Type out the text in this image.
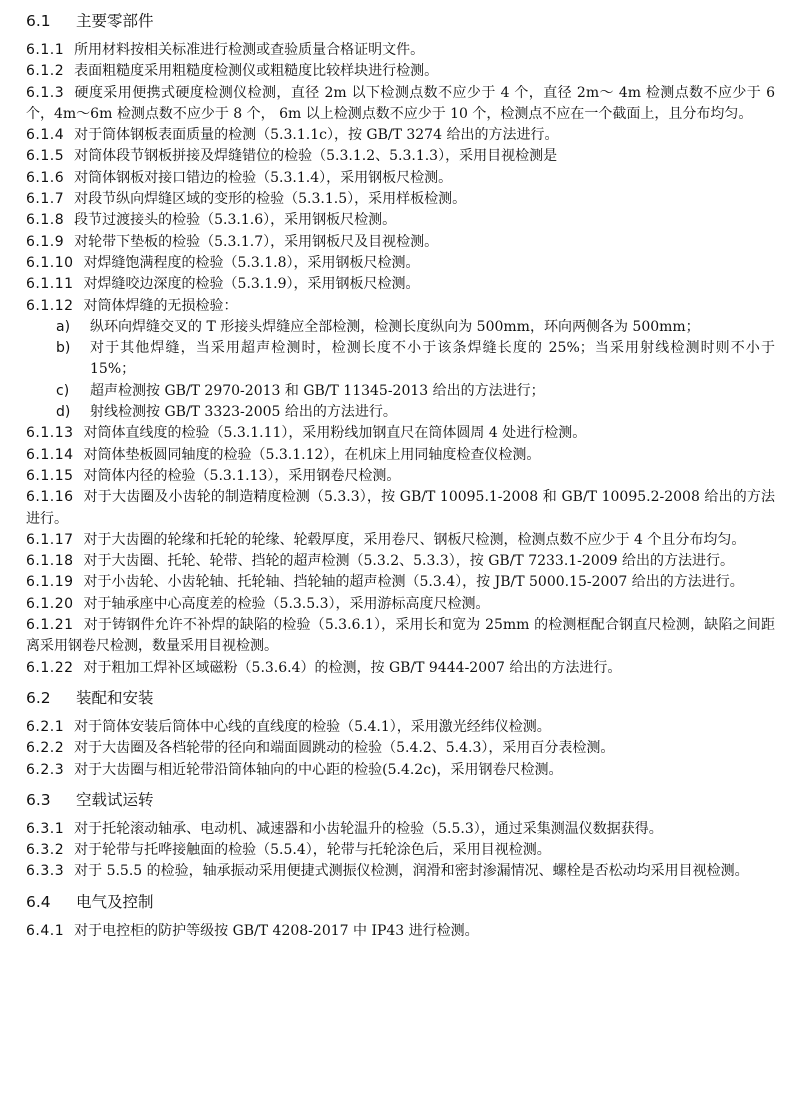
6.1 主要零部件
6.1.1 所用材料按相关标准进行检测或查验质量合格证明文件。
6.1.2 表面粗糙度采用粗糙度检测仪或粗糙度比较样块进行检测。
6.1.3 硬度采用便携式硬度检测仪检测，直径 2m 以下检测点数不应少于 4 个，直径 2m～ 4m 检测点数不应少于 6 个，4m～6m 检测点数不应少于 8 个， 6m 以上检测点数不应少于 10 个，检测点不应在一个截面上，且分布均匀。
6.1.4 对于筒体钢板表面质量的检测（5.3.1.1c），按 GB/T 3274 给出的方法进行。
6.1.5 对筒体段节钢板拼接及焊缝错位的检验（5.3.1.2、5.3.1.3），采用目视检测是
6.1.6 对筒体钢板对接口错边的检验（5.3.1.4），采用钢板尺检测。
6.1.7 对段节纵向焊缝区域的变形的检验（5.3.1.5），采用样板检测。
6.1.8 段节过渡接头的检验（5.3.1.6），采用钢板尺检测。
6.1.9 对轮带下垫板的检验（5.3.1.7），采用钢板尺及目视检测。
6.1.10 对焊缝饱满程度的检验（5.3.1.8），采用钢板尺检测。
6.1.11 对焊缝咬边深度的检验（5.3.1.9），采用钢板尺检测。
6.1.12 对筒体焊缝的无损检验：
a)	纵环向焊缝交叉的 T 形接头焊缝应全部检测，检测长度纵向为 500mm，环向两侧各为 500mm；
b)	对于其他焊缝，当采用超声检测时，检测长度不小于该条焊缝长度的 25%；当采用射线检测时则不小于 15%；
c)	超声检测按 GB/T 2970-2013 和 GB/T 11345-2013 给出的方法进行；
d)	射线检测按 GB/T 3323-2005 给出的方法进行。
6.1.13 对筒体直线度的检验（5.3.1.11），采用粉线加钢直尺在筒体圆周 4 处进行检测。
6.1.14 对筒体垫板圆同轴度的检验（5.3.1.12），在机床上用同轴度检查仪检测。
6.1.15 对筒体内径的检验（5.3.1.13），采用钢卷尺检测。
6.1.16 对于大齿圈及小齿轮的制造精度检测（5.3.3），按 GB/T 10095.1-2008 和 GB/T 10095.2-2008 给出的方法进行。
6.1.17 对于大齿圈的轮缘和托轮的轮缘、轮毂厚度，采用卷尺、钢板尺检测，检测点数不应少于 4 个且分布均匀。
6.1.18 对于大齿圈、托轮、轮带、挡轮的超声检测（5.3.2、5.3.3），按 GB/T 7233.1-2009 给出的方法进行。
6.1.19 对于小齿轮、小齿轮轴、托轮轴、挡轮轴的超声检测（5.3.4），按 JB/T 5000.15-2007 给出的方法进行。
6.1.20 对于轴承座中心高度差的检验（5.3.5.3），采用游标高度尺检测。
6.1.21 对于铸钢件允许不补焊的缺陷的检验（5.3.6.1），采用长和宽为 25mm 的检测框配合钢直尺检测，缺陷之间距离采用钢卷尺检测，数量采用目视检测。
6.1.22 对于粗加工焊补区域磁粉（5.3.6.4）的检测，按 GB/T 9444-2007 给出的方法进行。
6.2 装配和安装
6.2.1 对于筒体安装后筒体中心线的直线度的检验（5.4.1），采用激光经纬仪检测。
6.2.2 对于大齿圈及各档轮带的径向和端面圆跳动的检验（5.4.2、5.4.3），采用百分表检测。
6.2.3 对于大齿圈与相近轮带沿筒体轴向的中心距的检验(5.4.2c)，采用钢卷尺检测。
6.3 空载试运转
6.3.1 对于托轮滚动轴承、电动机、减速器和小齿轮温升的检验（5.5.3），通过采集测温仪数据获得。
6.3.2 对于轮带与托哗接触面的检验（5.5.4），轮带与托轮涂色后，采用目视检测。
6.3.3 对于 5.5.5 的检验，轴承振动采用便捷式测振仪检测，润滑和密封渗漏情况、螺栓是否松动均采用目视检测。
6.4 电气及控制
6.4.1 对于电控柜的防护等级按 GB/T 4208-2017 中 IP43 进行检测。
